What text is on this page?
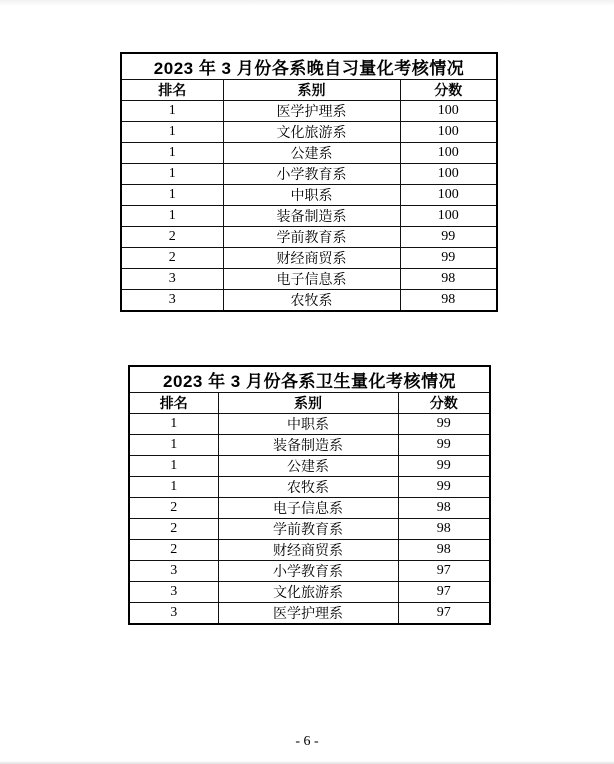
2023 年 3 月份各系晚自习量化考核情况		
排名	系别	分数
1	医学护理系	100
1	文化旅游系	100
1	公建系	100
1	小学教育系	100
1	中职系	100
1	装备制造系	100
2	学前教育系	99
2	财经商贸系	99
3	电子信息系	98
3	农牧系	98
2023 年 3 月份各系卫生量化考核情况		
排名	系别	分数
1	中职系	99
1	装备制造系	99
1	公建系	99
1	农牧系	99
2	电子信息系	98
2	学前教育系	98
2	财经商贸系	98
3	小学教育系	97
3	文化旅游系	97
3	医学护理系	97
- 6 -
